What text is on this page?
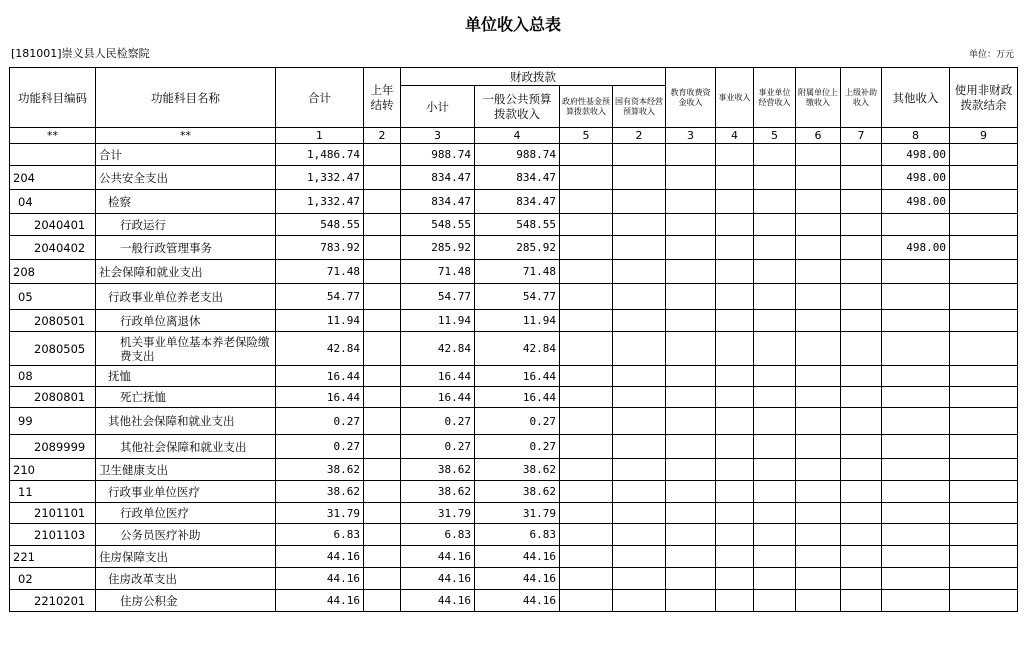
单位收入总表
[181001]崇义县人民检察院	单位：万元
功能科目编码	功能科目名称	合计	上年结转	财政拨款				教育收费资金收入	事业收入	事业单位经营收入	附属单位上缴收入	上级补助收入	其他收入	使用非财政拨款结余
				小计	一般公共预算拨款收入	政府性基金预算拨款收入	国有资本经营预算收入							
**	**	1	2	3	4	5	2	3	4	5	6	7	8	9
	合计	1,486.74		988.74	988.74								498.00	
204	公共安全支出	1,332.47		834.47	834.47								498.00	
04	检察	1,332.47		834.47	834.47								498.00	
2040401	行政运行	548.55		548.55	548.55									
2040402	一般行政管理事务	783.92		285.92	285.92								498.00	
208	社会保障和就业支出	71.48		71.48	71.48									
05	行政事业单位养老支出	54.77		54.77	54.77									
2080501	行政单位离退休	11.94		11.94	11.94									
2080505	机关事业单位基本养老保险缴费支出	42.84		42.84	42.84									
08	抚恤	16.44		16.44	16.44									
2080801	死亡抚恤	16.44		16.44	16.44									
99	其他社会保障和就业支出	0.27		0.27	0.27									
2089999	其他社会保障和就业支出	0.27		0.27	0.27									
210	卫生健康支出	38.62		38.62	38.62									
11	行政事业单位医疗	38.62		38.62	38.62									
2101101	行政单位医疗	31.79		31.79	31.79									
2101103	公务员医疗补助	6.83		6.83	6.83									
221	住房保障支出	44.16		44.16	44.16									
02	住房改革支出	44.16		44.16	44.16									
2210201	住房公积金	44.16		44.16	44.16									
